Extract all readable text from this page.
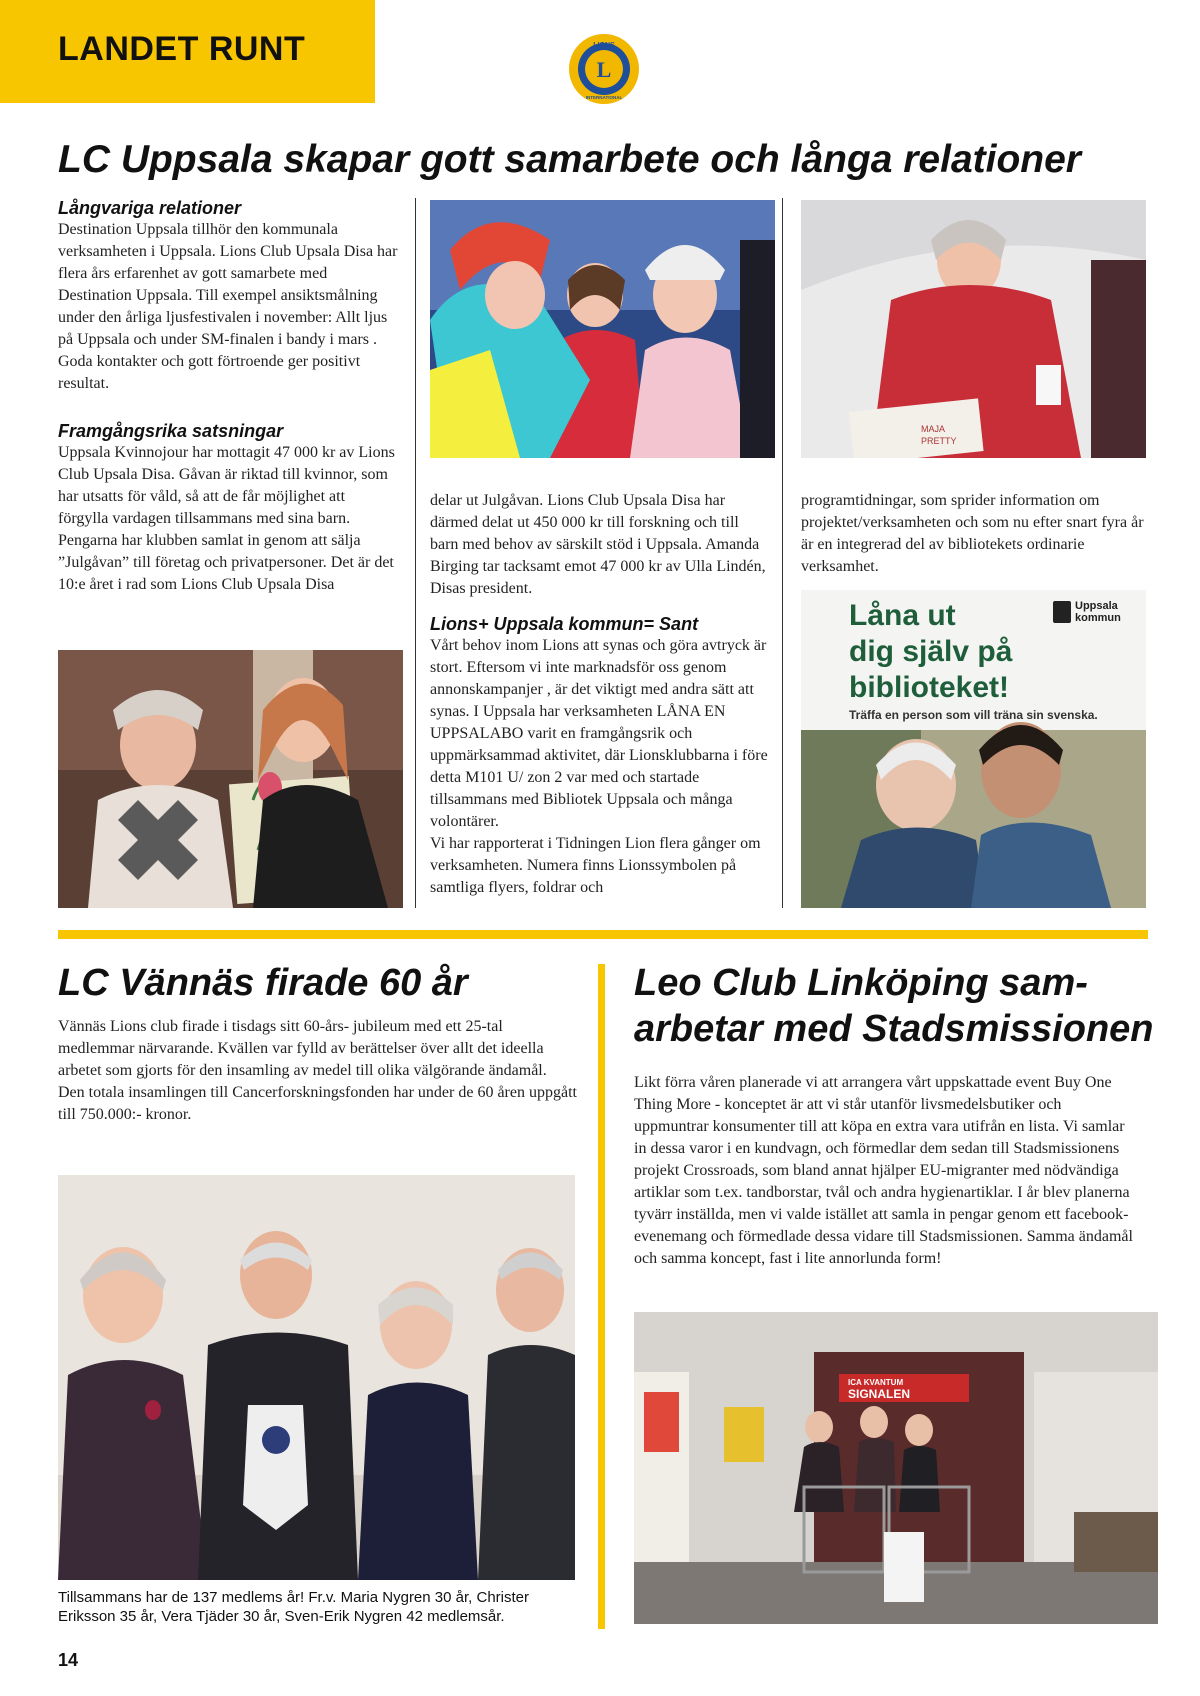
LANDET RUNT
L
LIONS
INTERNATIONAL
LC Uppsala skapar gott samarbete och långa relationer

Långvariga relationer

Destination Uppsala tillhör den kommunala verksamheten i Uppsala. Lions Club Upsala Disa har flera års erfarenhet av gott samarbete med Destination Uppsala. Till exempel ansiktsmålning under den årliga ljusfestivalen i november: Allt ljus på Uppsala och under SM-finalen i bandy i mars . Goda kontakter och gott förtroende ger positivt resultat.

Framgångsrika satsningar

Uppsala Kvinnojour har mottagit 47 000 kr av Lions Club Upsala Disa. Gåvan är riktad till kvinnor, som har utsatts för våld, så att de får möjlighet att förgylla vardagen tillsammans med sina barn. Pengarna har klubben samlat in genom att sälja ”Julgåvan” till företag och privatpersoner. Det är det 10:e året i rad som Lions Club Upsala Disa

delar ut Julgåvan. Lions Club Upsala Disa har därmed delat ut 450 000 kr till forskning och till barn med behov av särskilt stöd i Uppsala. Amanda Birging tar tacksamt emot 47 000 kr av Ulla Lindén, Disas president.

Lions+ Uppsala kommun= Sant

Vårt behov inom Lions att synas och göra avtryck är stort. Eftersom vi inte marknadsför oss genom annonskampanjer , är det viktigt med andra sätt att synas. I Uppsala har verksamheten LÅNA EN UPPSALABO varit en framgångsrik och uppmärksammad aktivitet, där Lionsklubbarna i före detta M101 U/ zon 2 var med och startade tillsammans med Bibliotek Uppsala och många volontärer.

Vi har rapporterat i Tidningen Lion flera gånger om verksamheten. Numera finns Lionssymbolen på samtliga flyers, foldrar och

MAJA
PRETTY

programtidningar, som sprider information om projektet/verksamheten och som nu efter snart fyra år är en integrerad del av bibliotekets ordinarie verksamhet.

Låna ut
dig själv på
biblioteket!
Träffa en person som vill träna sin svenska.
Uppsala
kommun
LC Vännäs firade 60 år

Vännäs Lions club firade i tisdags sitt 60-års- jubileum med ett 25-tal medlemmar närvarande. Kvällen var fylld av berättelser över allt det ideella arbetet som gjorts för den insamling av medel till olika välgörande ändamål.

Den totala insamlingen till Cancerforskningsfonden har under de 60 åren uppgått till 750.000:- kronor.

Tillsammans har de 137 medlems år! Fr.v. Maria Nygren 30 år, Christer Eriksson 35 år, Vera Tjäder 30 år, Sven-Erik Nygren 42 medlemsår.

Leo Club Linköping sam-
arbetar med Stadsmissionen

Likt förra våren planerade vi att arrangera vårt uppskattade event Buy One Thing More - konceptet är att vi står utanför livsmedelsbutiker och uppmuntrar konsumenter till att köpa en extra vara utifrån en lista. Vi samlar in dessa varor i en kundvagn, och förmedlar dem sedan till Stadsmissionens projekt Crossroads, som bland annat hjälper EU-migranter med nödvändiga artiklar som t.ex. tandborstar, tvål och andra hygienartiklar. I år blev planerna tyvärr inställda, men vi valde istället att samla in pengar genom ett facebook-evenemang och förmedlade dessa vidare till Stadsmissionen. Samma ändamål och samma koncept, fast i lite annorlunda form!

ICA KVANTUM
SIGNALEN
14
